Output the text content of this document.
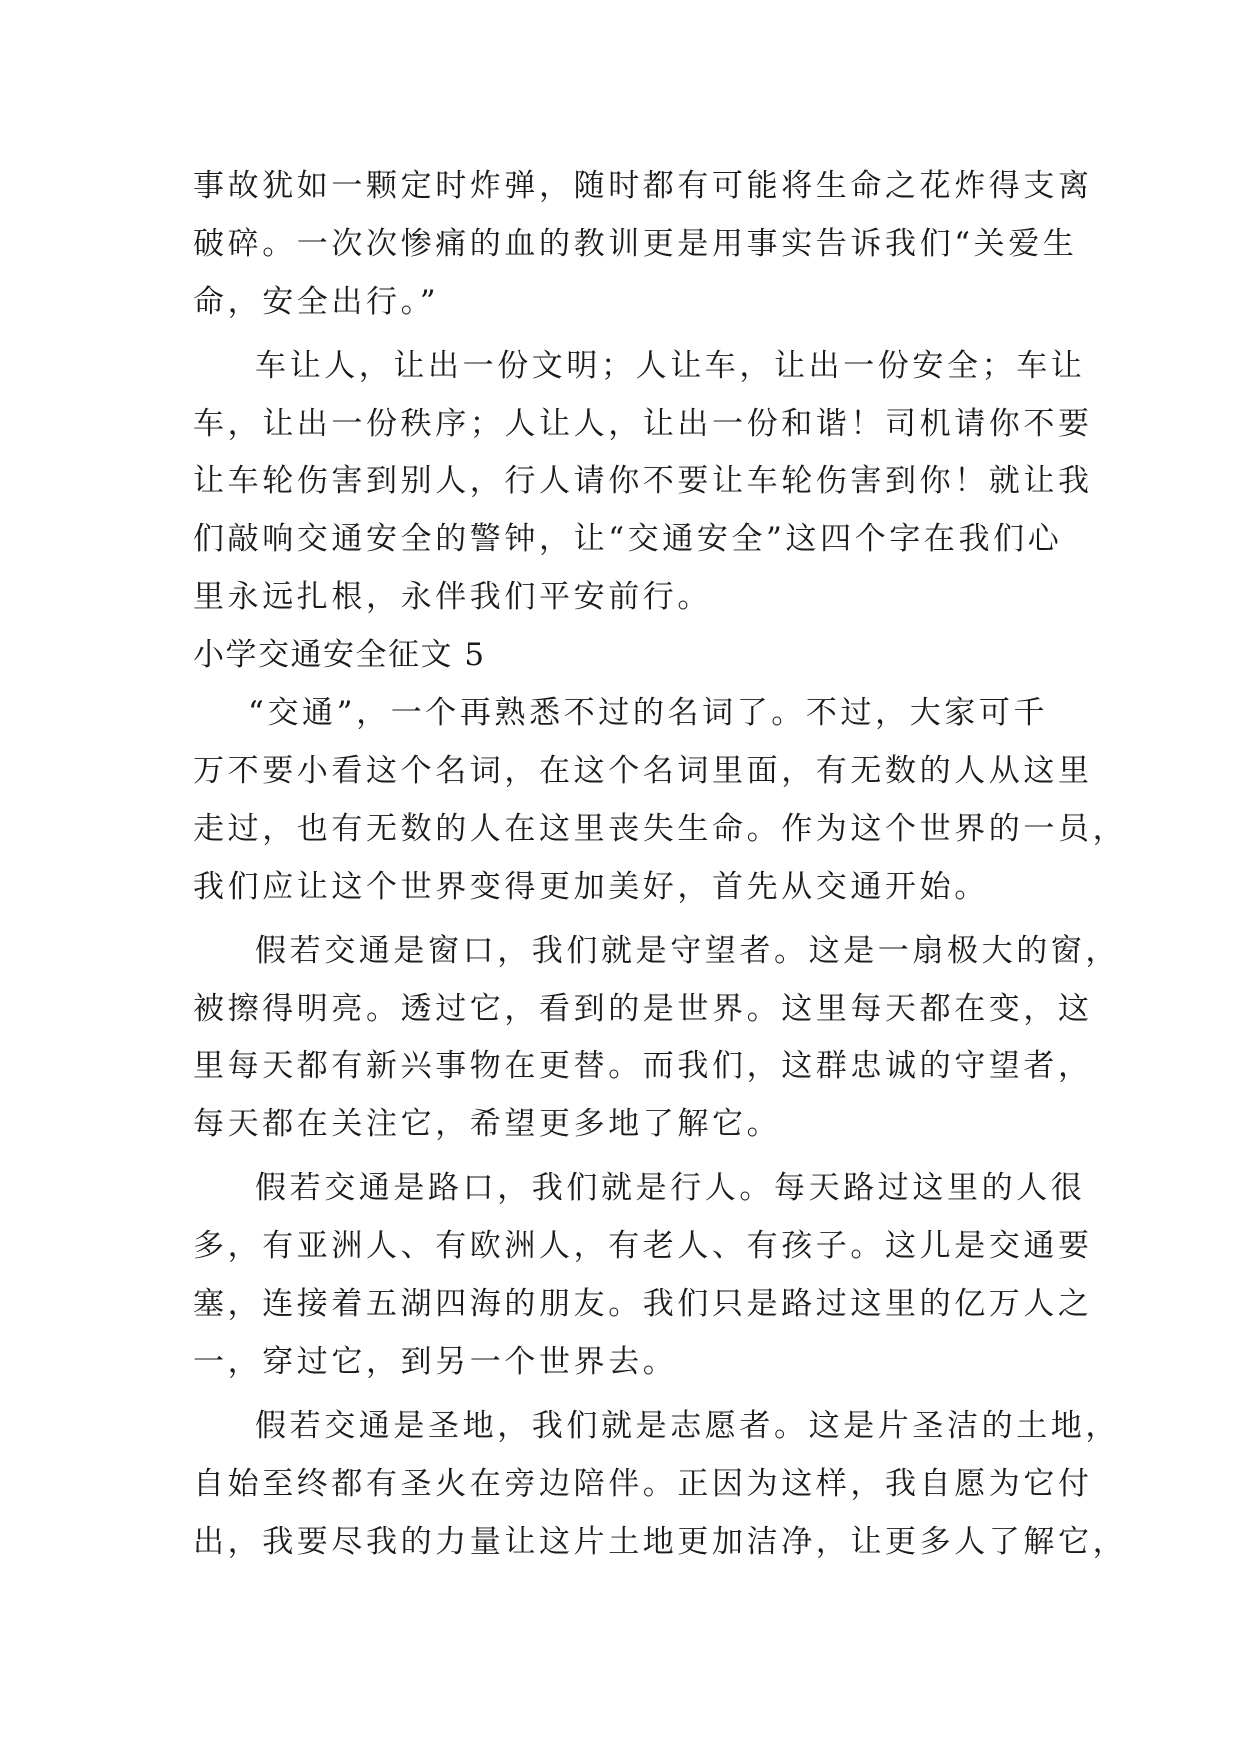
事故犹如一颗定时炸弹，随时都有可能将生命之花炸得支离
破碎。一次次惨痛的血的教训更是用事实告诉我们“关爱生
命，安全出行。”
车让人，让出一份文明；人让车，让出一份安全；车让
车，让出一份秩序；人让人，让出一份和谐！司机请你不要
让车轮伤害到别人，行人请你不要让车轮伤害到你！就让我
们敲响交通安全的警钟，让“交通安全”这四个字在我们心
里永远扎根，永伴我们平安前行。
小学交通安全征文 5
“交通”，一个再熟悉不过的名词了。不过，大家可千
万不要小看这个名词，在这个名词里面，有无数的人从这里
走过，也有无数的人在这里丧失生命。作为这个世界的一员，
我们应让这个世界变得更加美好，首先从交通开始。
假若交通是窗口，我们就是守望者。这是一扇极大的窗，
被擦得明亮。透过它，看到的是世界。这里每天都在变，这
里每天都有新兴事物在更替。而我们，这群忠诚的守望者，
每天都在关注它，希望更多地了解它。
假若交通是路口，我们就是行人。每天路过这里的人很
多，有亚洲人、有欧洲人，有老人、有孩子。这儿是交通要
塞，连接着五湖四海的朋友。我们只是路过这里的亿万人之
一，穿过它，到另一个世界去。
假若交通是圣地，我们就是志愿者。这是片圣洁的土地，
自始至终都有圣火在旁边陪伴。正因为这样，我自愿为它付
出，我要尽我的力量让这片土地更加洁净，让更多人了解它，
